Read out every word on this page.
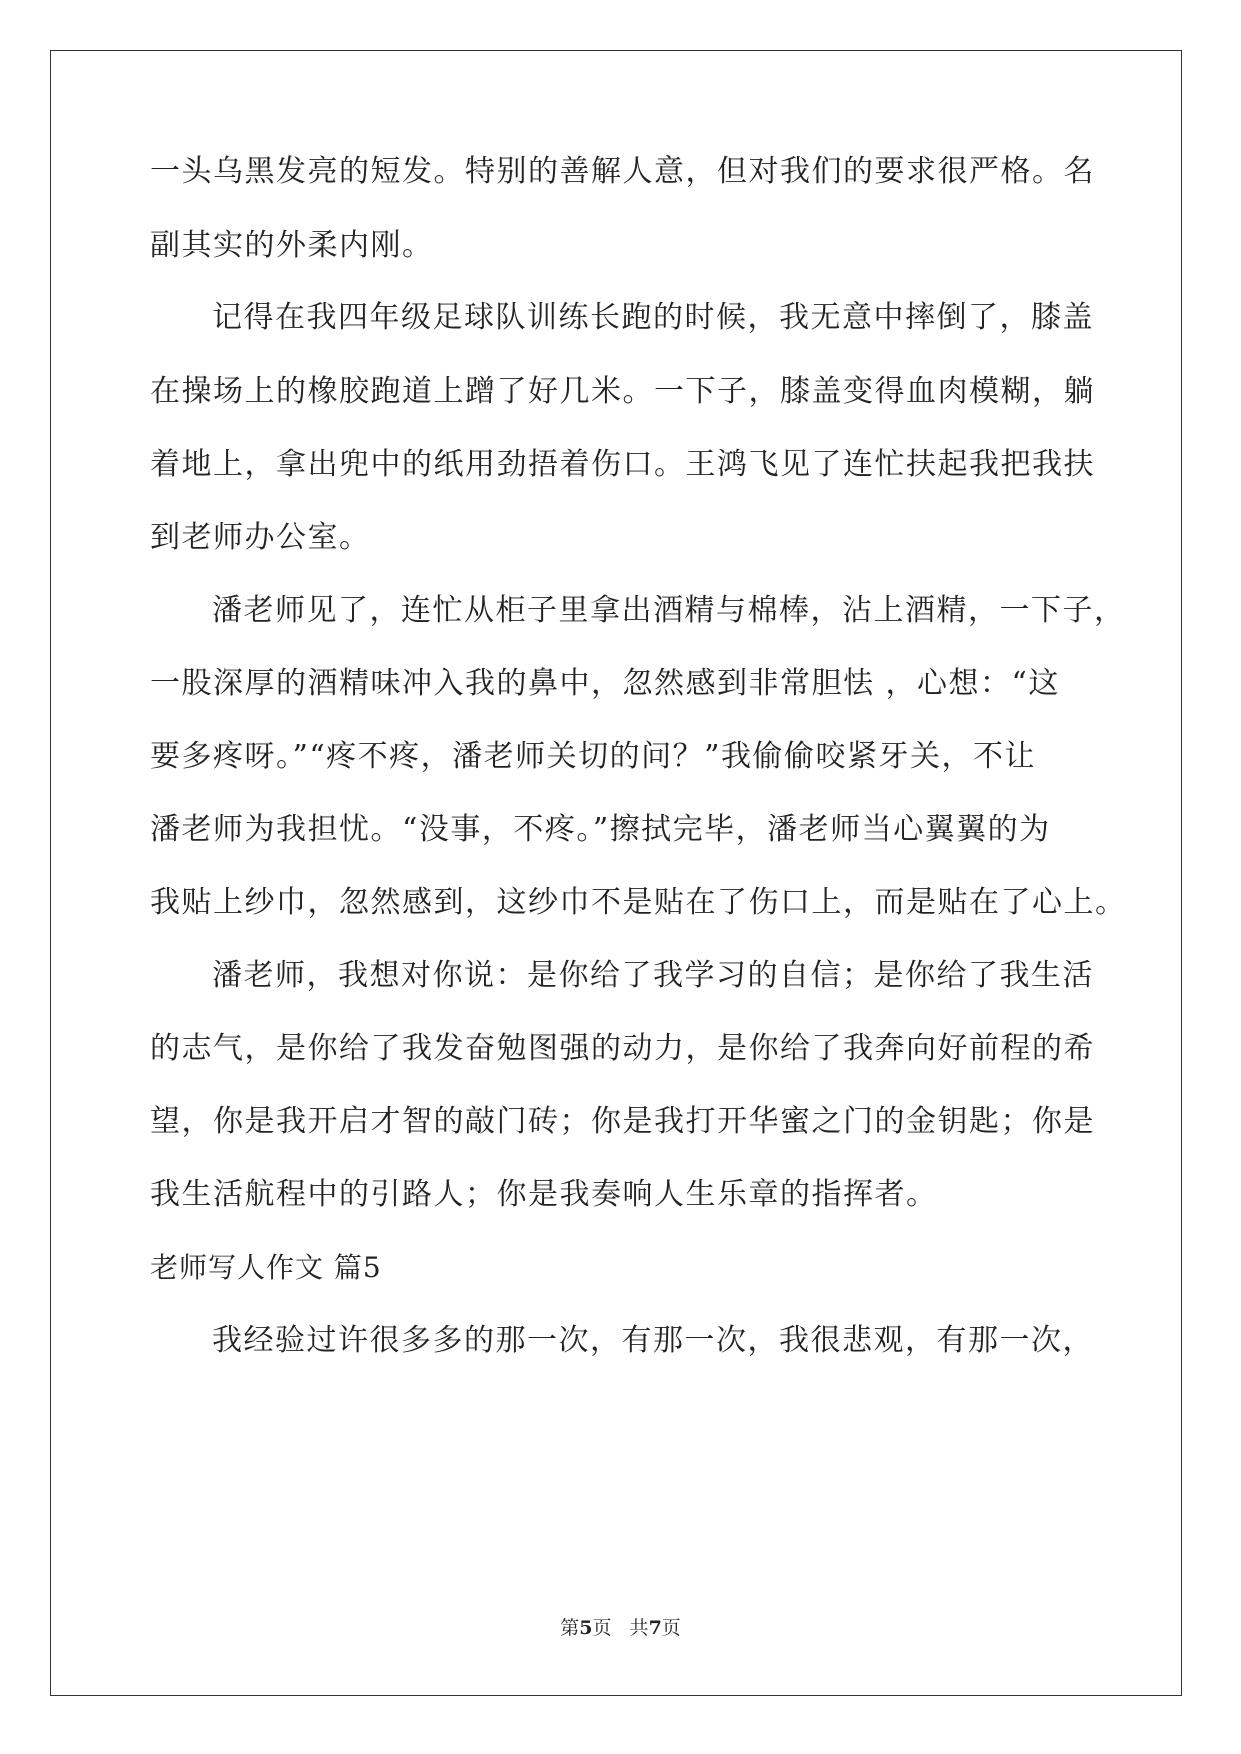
一头乌黑发亮的短发。特别的善解人意，但对我们的要求很严格。名
副其实的外柔内刚。
记得在我四年级足球队训练长跑的时候，我无意中摔倒了，膝盖
在操场上的橡胶跑道上蹭了好几米。一下子，膝盖变得血肉模糊，躺
着地上，拿出兜中的纸用劲捂着伤口。王鸿飞见了连忙扶起我把我扶
到老师办公室。
潘老师见了，连忙从柜子里拿出酒精与棉棒，沾上酒精，一下子，
一股深厚的酒精味冲入我的鼻中，忽然感到非常胆怯 ，心想：“这
要多疼呀。”“疼不疼，潘老师关切的问？”我偷偷咬紧牙关，不让
潘老师为我担忧。“没事，不疼。”擦拭完毕，潘老师当心翼翼的为
我贴上纱巾，忽然感到，这纱巾不是贴在了伤口上，而是贴在了心上。
潘老师，我想对你说：是你给了我学习的自信；是你给了我生活
的志气，是你给了我发奋勉图强的动力，是你给了我奔向好前程的希
望，你是我开启才智的敲门砖；你是我打开华蜜之门的金钥匙；你是
我生活航程中的引路人；你是我奏响人生乐章的指挥者。
老师写人作文 篇5
我经验过许很多多的那一次，有那一次，我很悲观，有那一次，
第5页   共7页
